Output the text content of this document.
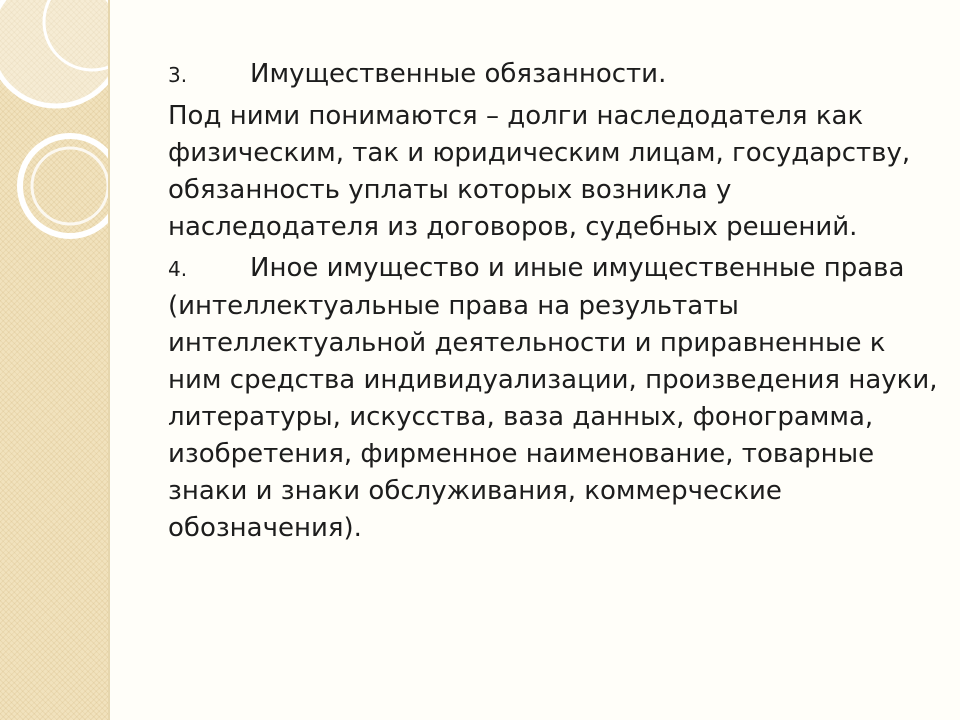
3. Имущественные обязанности.

Под ними понимаются – долги наследодателя как физическим, так и юридическим лицам, государству, обязанность уплаты которых возникла у наследодателя из договоров, судебных решений.

4. Иное имущество и иные имущественные права (интеллектуальные права на результаты интеллектуальной деятельности и приравненные к ним средства индивидуализации, произведения науки, литературы, искусства, ваза данных, фонограмма, изобретения, фирменное наименование, товарные знаки и знаки обслуживания, коммерческие обозначения).
